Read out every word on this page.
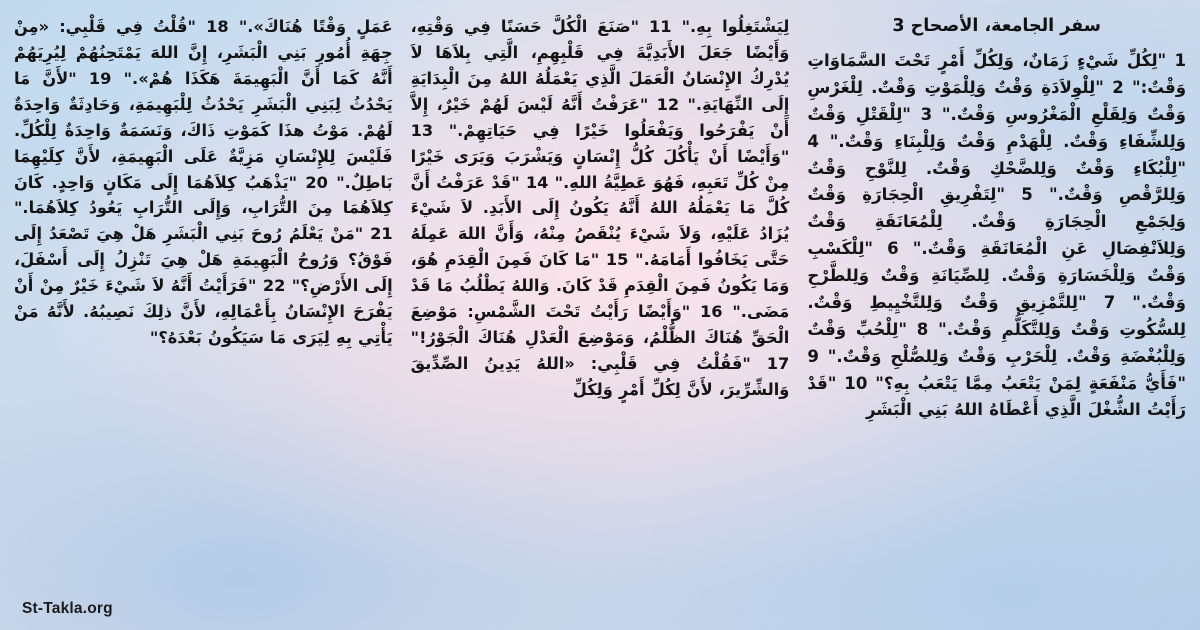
سفر الجامعة، الأصحاح 3
1 "لِكُلِّ شَيْءٍ زَمَانٌ، وَلِكُلِّ أَمْرٍ تَحْتَ السَّمَاوَاتِ وَقْتٌ:" 2 "لِلْوِلاَدَةِ وَقْتٌ وَلِلْمَوْتِ وَقْتٌ. لِلْغَرْسِ وَقْتٌ وَلِقَلْعِ الْمَغْرُوسِ وَقْتٌ." 3 "لِلْقَتْلِ وَقْتٌ وَلِلشِّفَاءِ وَقْتٌ. لِلْهَدْمِ وَقْتٌ وَلِلْبِنَاءِ وَقْتٌ." 4 "لِلْبُكَاءِ وَقْتٌ وَلِلضَّحْكِ وَقْتٌ. لِلنَّوْحِ وَقْتٌ وَلِلرَّقْصِ وَقْتٌ." 5 "لِتَفْرِيقِ الْحِجَارَةِ وَقْتٌ وَلِجَمْعِ الْحِجَارَةِ وَقْتٌ. لِلْمُعَانَقَةِ وَقْتٌ وَلِلاَنْفِصَالِ عَنِ الْمُعَانَقَةِ وَقْتٌ." 6 "لِلْكَسْبِ وَقْتٌ وَلِلْخَسَارَةِ وَقْتٌ. لِلصِّيَانَةِ وَقْتٌ وَلِلطَّرْحِ وَقْتٌ." 7 "لِلتَّمْزِيقِ وَقْتٌ وَلِلتَّخْيِيطِ وَقْتٌ. لِلسُّكُوتِ وَقْتٌ وَلِلتَّكَلُّمِ وَقْتٌ." 8 "لِلْحُبِّ وَقْتٌ وَلِلْبُغْضَةِ وَقْتٌ. لِلْحَرْبِ وَقْتٌ وَلِلصُّلْحِ وَقْتٌ." 9 "فَأَيُّ مَنْفَعَةٍ لِمَنْ يَتْعَبُ مِمَّا يَتْعَبُ بِهِ؟" 10 "قَدْ رَأَيْتُ الشُّغْلَ الَّذِي أَعْطَاهُ اللهُ بَنِي الْبَشَرِ
لِيَشْتَغِلُوا بِهِ." 11 "صَنَعَ الْكُلَّ حَسَنًا فِي وَقْتِهِ، وَأَيْضًا جَعَلَ الأَبَدِيَّةَ فِي قَلْبِهِمِ، الَّتِي بِلاَهَا لاَ يُدْرِكُ الإِنْسَانُ الْعَمَلَ الَّذِي يَعْمَلُهُ اللهُ مِنَ الْبِدَايَةِ إِلَى النِّهَايَةِ." 12 "عَرَفْتُ أَنَّهُ لَيْسَ لَهُمْ خَيْرٌ، إِلاَّ أَنْ يَفْرَحُوا وَيَفْعَلُوا خَيْرًا فِي حَيَاتِهِمْ." 13 "وَأَيْضًا أَنْ يَأْكُلَ كُلُّ إِنْسَانٍ وَيَشْرَبَ وَيَرَى خَيْرًا مِنْ كُلِّ تَعَبِهِ، فَهُوَ عَطِيَّةُ اللهِ." 14 "قَدْ عَرَفْتُ أَنَّ كُلَّ مَا يَعْمَلُهُ اللهُ أَنَّهُ يَكُونُ إِلَى الأَبَدِ. لاَ شَيْءَ يُزَادُ عَلَيْهِ، وَلاَ شَيْءَ يُنْقَصُ مِنْهُ، وَأَنَّ اللهَ عَمِلَهُ حَتَّى يَخَافُوا أَمَامَهُ." 15 "مَا كَانَ فَمِنَ الْقِدَمِ هُوَ، وَمَا يَكُونُ فَمِنَ الْقِدَمِ قَدْ كَانَ. وَاللهُ يَطْلُبُ مَا قَدْ مَضَى." 16 "وَأَيْضًا رَأَيْتُ تَحْتَ الشَّمْسِ: مَوْضِعَ الْحَقِّ هُنَاكَ الظُّلْمُ، وَمَوْضِعَ الْعَدْلِ هُنَاكَ الْجَوْرُ!" 17 "فَقُلْتُ فِي قَلْبِي: «اللهُ يَدِينُ الصِّدِّيقَ وَالشِّرِّيرَ، لأَنَّ لِكُلِّ أَمْرٍ وَلِكُلِّ
عَمَلٍ وَقْتًا هُنَاكَ»." 18 "قُلْتُ فِي قَلْبِي: «مِنْ جِهَةِ أُمُورِ بَنِي الْبَشَرِ، إِنَّ اللهَ يَمْتَحِنُهُمْ لِيُرِيَهُمْ أَنَّهُ كَمَا أَنَّ الْبَهِيمَةَ هَكَذَا هُمْ»." 19 "لأَنَّ مَا يَحْدُثُ لِبَنِي الْبَشَرِ يَحْدُثُ لِلْبَهِيمَةِ، وَحَادِثَةٌ وَاحِدَةٌ لَهُمْ. مَوْتُ هذَا كَمَوْتِ ذَاكَ، وَنَسَمَةٌ وَاحِدَةٌ لِلْكُلِّ. فَلَيْسَ لِلإِنْسَانِ مَزِيَّةٌ عَلَى الْبَهِيمَةِ، لأَنَّ كِلَيْهِمَا بَاطِلٌ." 20 "يَذْهَبُ كِلاَهُمَا إِلَى مَكَانٍ وَاحِدٍ. كَانَ كِلاَهُمَا مِنَ التُّرَابِ، وَإِلَى التُّرَابِ يَعُودُ كِلاَهُمَا." 21 "مَنْ يَعْلَمُ رُوحَ بَنِي الْبَشَرِ هَلْ هِيَ تَصْعَدُ إِلَى فَوْقُ؟ وَرُوحُ الْبَهِيمَةِ هَلْ هِيَ تَنْزِلُ إِلَى أَسْفَلَ، إِلَى الأَرْضِ؟" 22 "فَرَأَيْتُ أَنَّهُ لاَ شَيْءَ خَيْرٌ مِنْ أَنْ يَفْرَحَ الإِنْسَانُ بِأَعْمَالِهِ، لأَنَّ ذلِكَ نَصِيبُهُ. لأَنَّهُ مَنْ يَأْتِي بِهِ لِيَرَى مَا سَيَكُونُ بَعْدَهُ؟"
St-Takla.org
